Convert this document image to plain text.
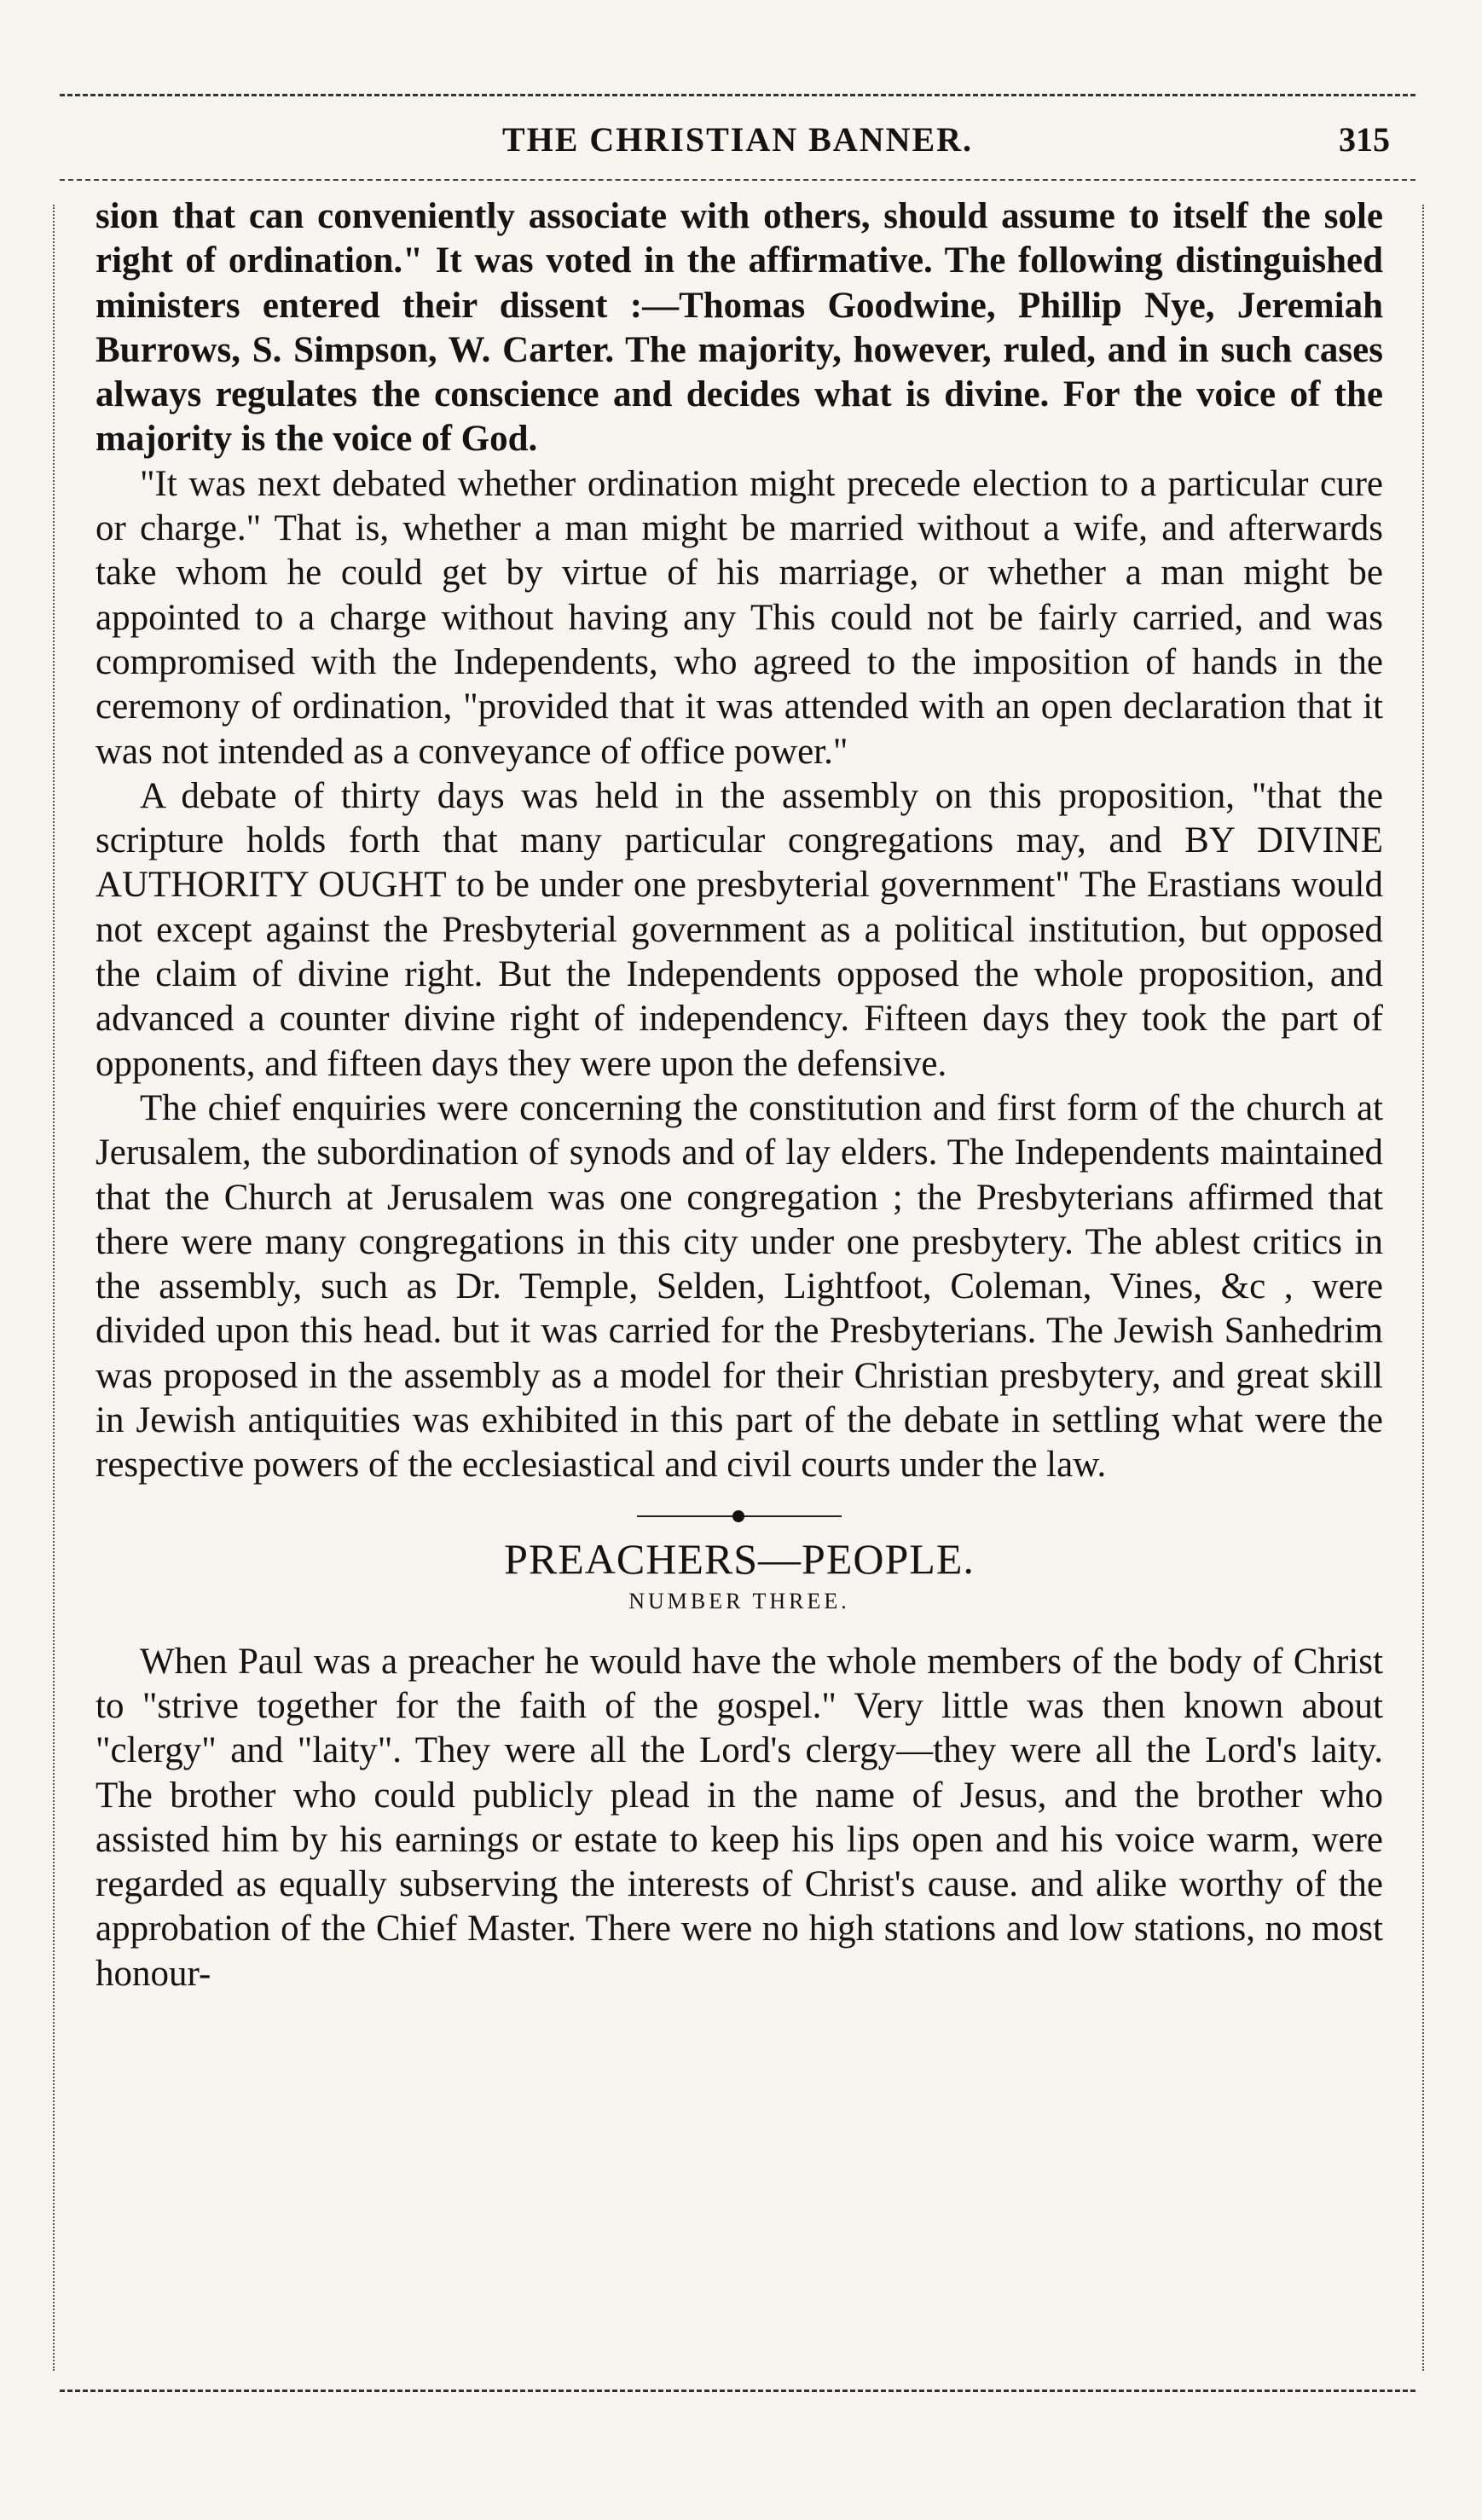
THE CHRISTIAN BANNER.	315

sion that can conveniently associate with others, should assume to itself the sole right of ordination." It was voted in the affirmative. The following distinguished ministers entered their dissent :—Thomas Goodwine, Phillip Nye, Jeremiah Burrows, S. Simpson, W. Carter. The majority, however, ruled, and in such cases always regulates the conscience and decides what is divine. For the voice of the majority is the voice of God.

"It was next debated whether ordination might precede election to a particular cure or charge." That is, whether a man might be married without a wife, and afterwards take whom he could get by virtue of his marriage, or whether a man might be appointed to a charge without having any This could not be fairly carried, and was compromised with the Independents, who agreed to the imposition of hands in the ceremony of ordination, "provided that it was attended with an open declaration that it was not intended as a conveyance of office power."

A debate of thirty days was held in the assembly on this proposition, "that the scripture holds forth that many particular congregations may, and BY DIVINE AUTHORITY OUGHT to be under one presbyterial government" The Erastians would not except against the Presbyterial government as a political institution, but opposed the claim of divine right. But the Independents opposed the whole proposition, and advanced a counter divine right of independency. Fifteen days they took the part of opponents, and fifteen days they were upon the defensive.

The chief enquiries were concerning the constitution and first form of the church at Jerusalem, the subordination of synods and of lay elders. The Independents maintained that the Church at Jerusalem was one congregation ; the Presbyterians affirmed that there were many congregations in this city under one presbytery. The ablest critics in the assembly, such as Dr. Temple, Selden, Lightfoot, Coleman, Vines, &c , were divided upon this head. but it was carried for the Presbyterians. The Jewish Sanhedrim was proposed in the assembly as a model for their Christian presbytery, and great skill in Jewish antiquities was exhibited in this part of the debate in settling what were the respective powers of the ecclesiastical and civil courts under the law.

PREACHERS—PEOPLE.
NUMBER THREE.

When Paul was a preacher he would have the whole members of the body of Christ to "strive together for the faith of the gospel." Very little was then known about "clergy" and "laity". They were all the Lord's clergy—they were all the Lord's laity. The brother who could publicly plead in the name of Jesus, and the brother who assisted him by his earnings or estate to keep his lips open and his voice warm, were regarded as equally subserving the interests of Christ's cause. and alike worthy of the approbation of the Chief Master. There were no high stations and low stations, no most honour-
